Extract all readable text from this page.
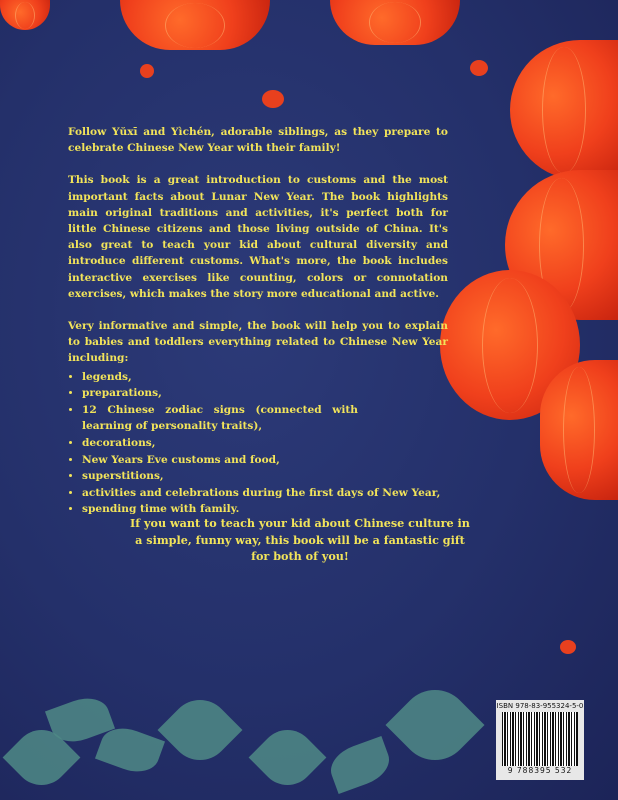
Follow Yŭxī and Yìchén, adorable siblings, as they prepare to celebrate Chinese New Year with their family!

This book is a great introduction to customs and the most important facts about Lunar New Year. The book highlights main original traditions and activities, it's perfect both for little Chinese citizens and those living outside of China. It's also great to teach your kid about cultural diversity and introduce different customs. What's more, the book includes interactive exercises like counting, colors or connotation exercises, which makes the story more educational and active.

Very informative and simple, the book will help you to explain to babies and toddlers everything related to Chinese New Year including:

• legends,
• preparations,
• 12 Chinese zodiac signs (connected with learning of personality traits),
• decorations,
• New Years Eve customs and food,
• superstitions,
• activities and celebrations during the first days of New Year,
• spending time with family.
If you want to teach your kid about Chinese culture in a simple, funny way, this book will be a fantastic gift for both of you!
ISBN 978-83-955324-5-0
9 788395 532
